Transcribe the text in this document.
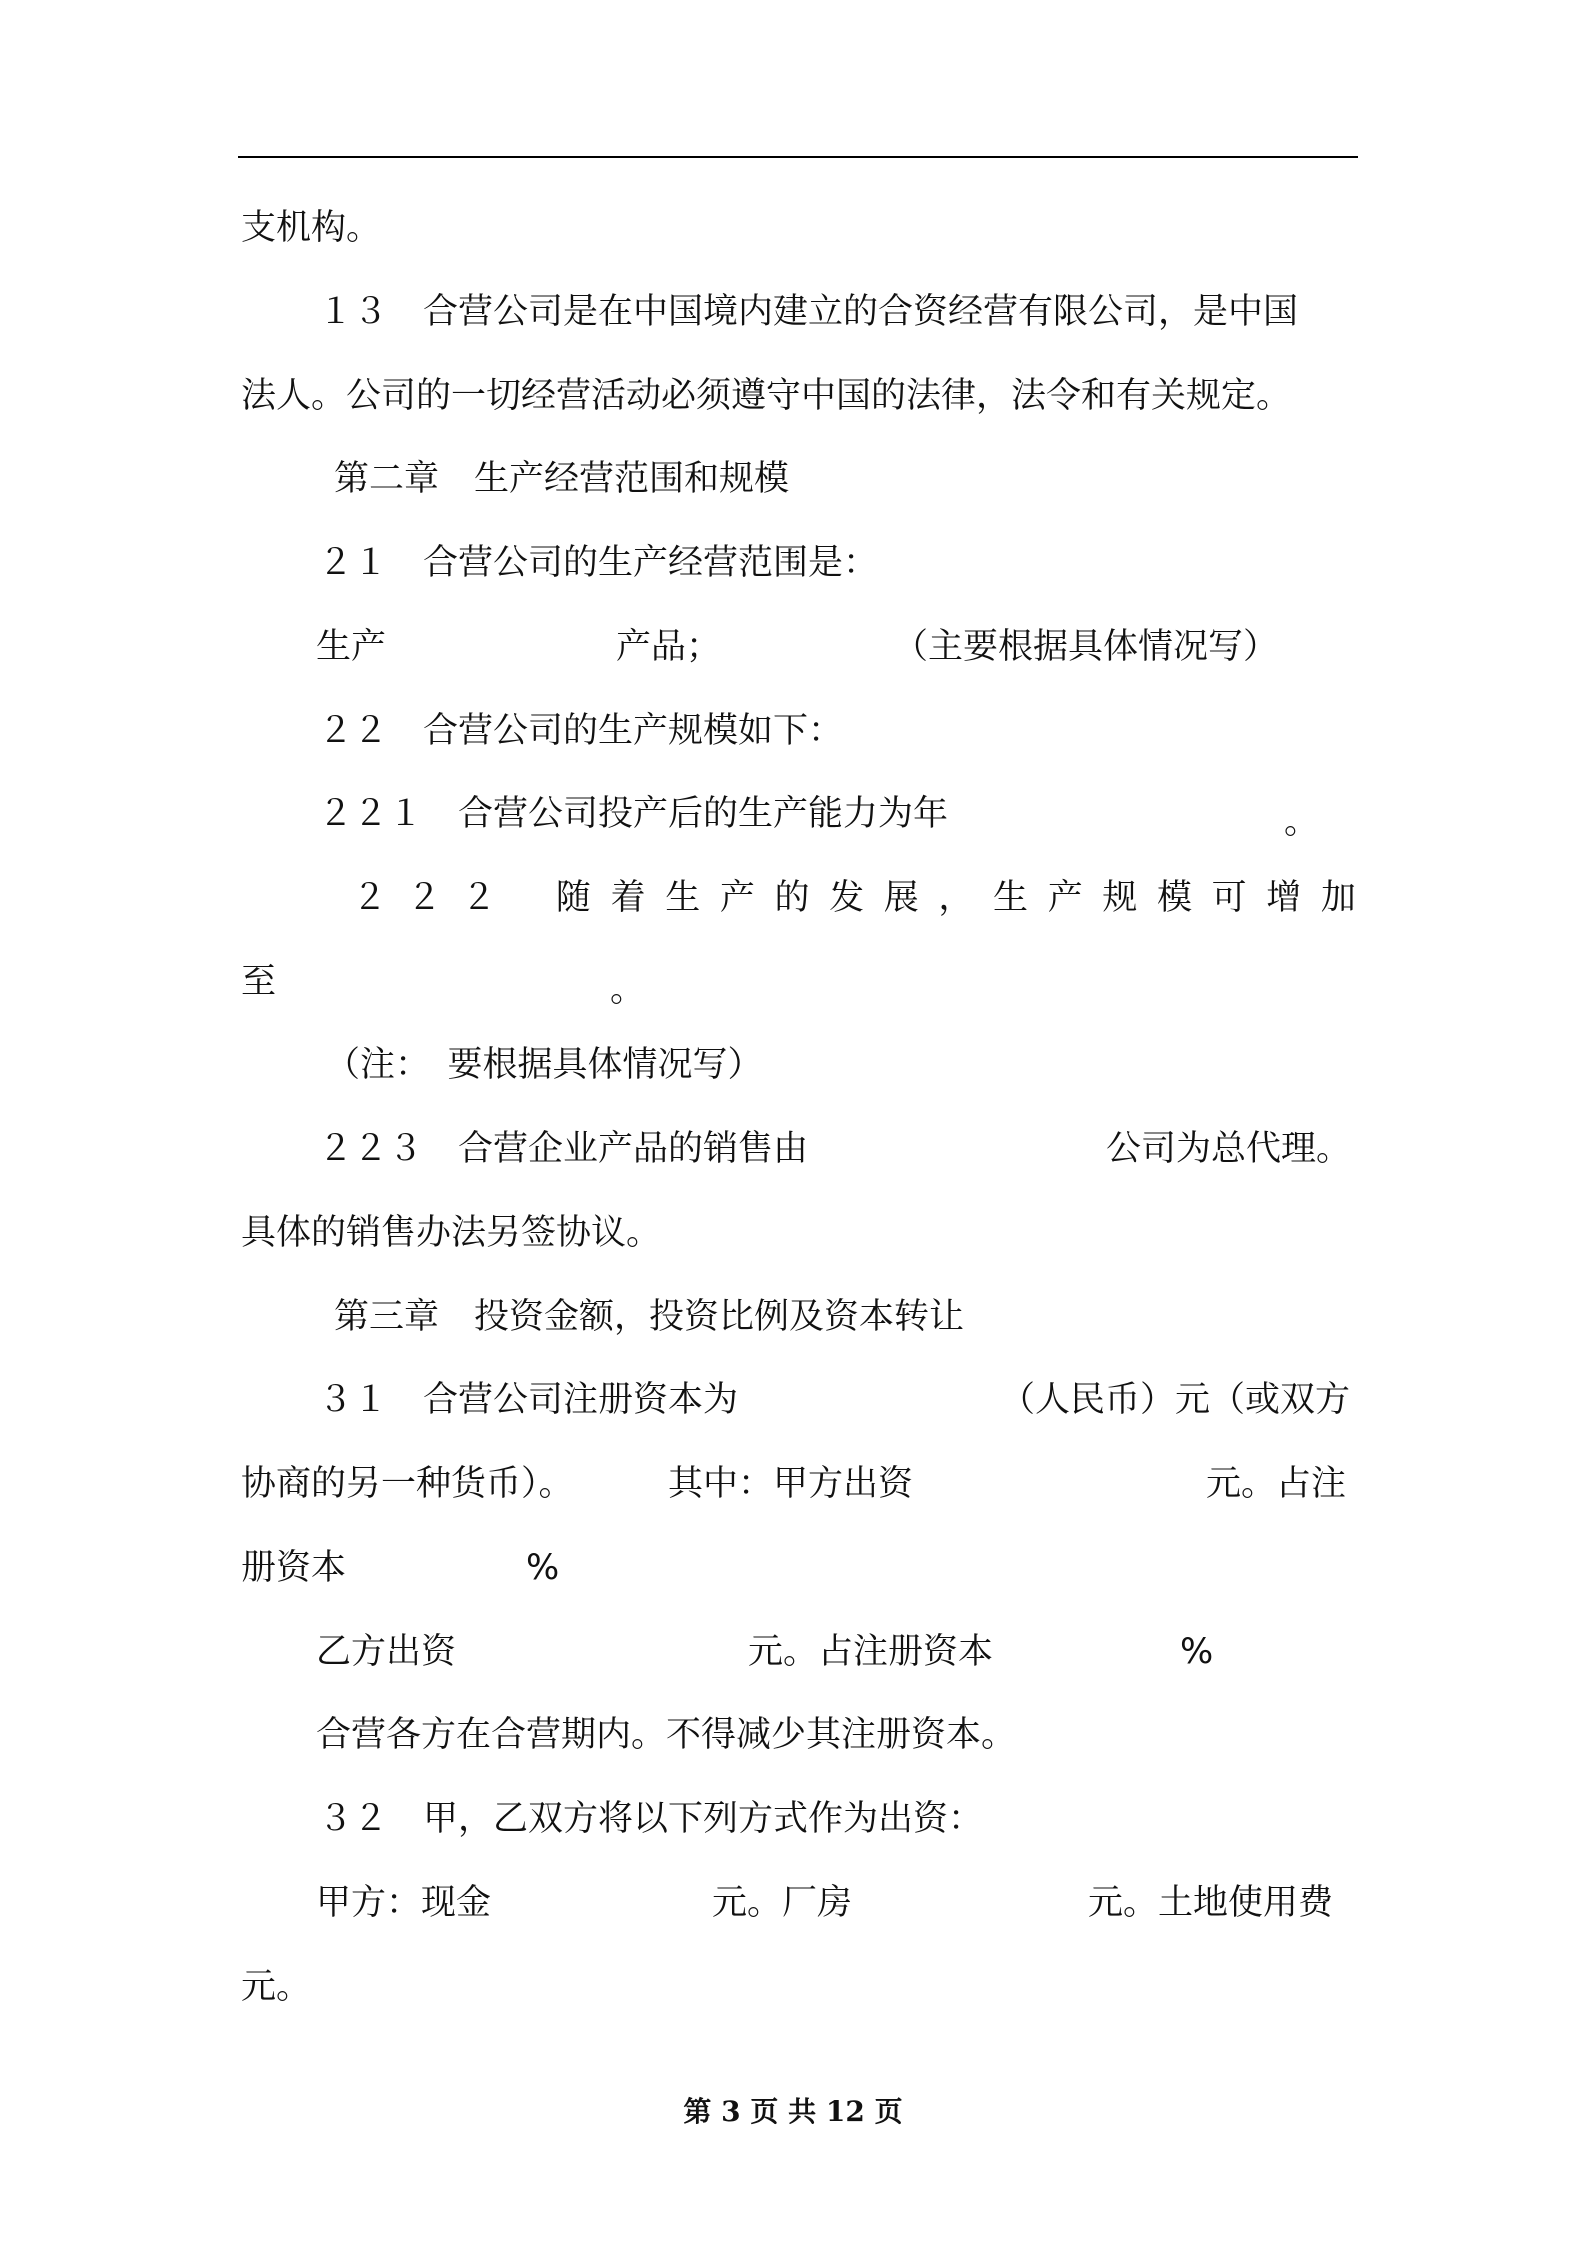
支机构。
１３　合营公司是在中国境内建立的合资经营有限公司，是中国
法人。公司的一切经营活动必须遵守中国的法律，法令和有关规定。
第二章　生产经营范围和规模
２１　合营公司的生产经营范围是：
生产	产品；	（主要根据具体情况写）
２２　合营公司的生产规模如下：
２２１　合营公司投产后的生产能力为年	。
２ ２ ２ 随 着 生 产 的 发 展 ， 生 产 规 模 可 增 加
至	。
（注：　要根据具体情况写）
２２３　合营企业产品的销售由	公司为总代理。
具体的销售办法另签协议。
第三章　投资金额，投资比例及资本转让
３１　合营公司注册资本为	（人民币）元（或双方
协商的另一种货币）。	其中：甲方出资	元。占注
册资本	%
乙方出资	元。占注册资本	%
合营各方在合营期内。不得减少其注册资本。
３２　甲，乙双方将以下列方式作为出资：
甲方：现金	元。厂房	元。土地使用费
元。
第 3 页 共 12 页
